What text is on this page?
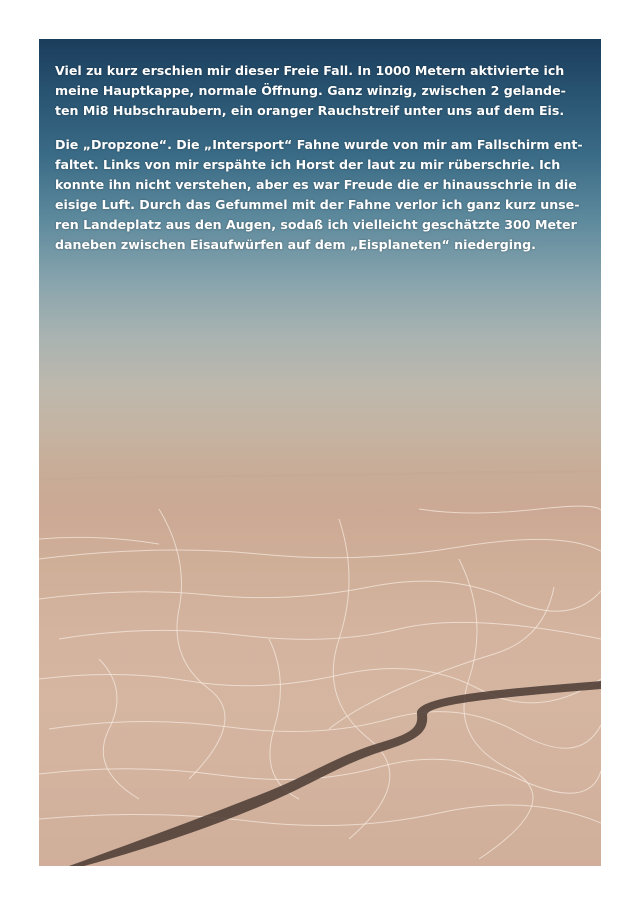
Viel zu kurz erschien mir dieser Freie Fall. In 1000 Metern aktivierte ich meine Hauptkappe, normale Öffnung. Ganz winzig, zwischen 2 gelande-ten Mi8 Hubschraubern, ein oranger Rauchstreif unter uns auf dem Eis.

Die „Dropzone“. Die „Intersport“ Fahne wurde von mir am Fallschirm ent-faltet. Links von mir erspähte ich Horst der laut zu mir rüberschrie. Ich konnte ihn nicht verstehen, aber es war Freude die er hinausschrie in die eisige Luft. Durch das Gefummel mit der Fahne verlor ich ganz kurz unse-ren Landeplatz aus den Augen, sodaß ich vielleicht geschätzte 300 Meter daneben zwischen Eisaufwürfen auf dem „Eisplaneten“ niederging.
